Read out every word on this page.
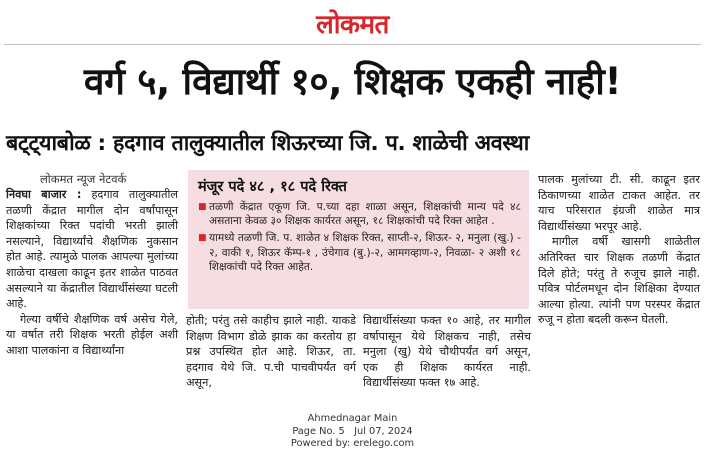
लोकमत
वर्ग ५, विद्यार्थी १०, शिक्षक एकही नाही!
बट्ट्याबोळ : हदगाव तालुक्यातील शिऊरच्या जि. प. शाळेची अवस्था
लोकमत न्यूज नेटवर्क

निवघा बाजार : हदगाव तालुक्यातील तळणी केंद्रात मागील दोन वर्षांपासून शिक्षकांच्या रिक्त पदांची भरती झाली नसल्याने, विद्यार्थ्यांचे शैक्षणिक नुकसान होत आहे. त्यामुळे पालक आपल्या मुलांच्या शाळेचा दाखला काढून इतर शाळेत पाठवत असल्याने या केंद्रातील विद्यार्थीसंख्या घटली आहे.

गेल्या वर्षीचे शैक्षणिक वर्ष असेच गेले, या वर्षात तरी शिक्षक भरती होईल अशी आशा पालकांना व विद्यार्थ्यांना

मंजूर पदे ४८ , १८ पदे रिक्त
■ तळणी केंद्रात एकूण जि. प.च्या दहा शाळा असून, शिक्षकांची मान्य पदे ४८ असताना केवळ ३० शिक्षक कार्यरत असून, १८ शिक्षकांची पदे रिक्त आहेत .
■ यामध्ये तळणी जि. प. शाळेत ४ शिक्षक रिक्त, साप्ती-२, शिऊर- २, मनुला (खु.) - २, वाकी १, शिऊर कॅम्प-१ , उंचेगाव (बु.)-२, आमगव्हाण-२, निवळा- २ अशी १८ शिक्षकांची पदे रिक्त आहेत.
होती; परंतु तसे काहीच झाले नाही. याकडे शिक्षण विभाग डोळे झाक का करतोय हा प्रश्न उपस्थित होत आहे. शिऊर, ता. हदगाव येथे जि. प.ची पाचवीपर्यंत वर्ग असून,
विद्यार्थीसंख्या फक्त १० आहे, तर मागील वर्षापासून येथे शिक्षकच नाही, तसेच मनुला (खु) येथे चौथीपर्यंत वर्ग असून, एक ही शिक्षक कार्यरत नाही. विद्यार्थीसंख्या फक्त १७ आहे.

पालक मुलांच्या टी. सी. काढून इतर ठिकाणच्या शाळेत टाकत आहेत. तर याच परिसरात इंग्रजी शाळेत मात्र विद्यार्थीसंख्या भरपूर आहे.

मागील वर्षी खासगी शाळेतील अतिरिक्त चार शिक्षक तळणी केंद्रात दिले होते; परंतु ते रुजूच झाले नाही. पवित्र पोर्टलमधून दोन शिक्षिका देण्यात आल्या होत्या. त्यांनी पण परस्पर केंद्रात रुजू न होता बदली करून घेतली.

Ahmednagar Main
Page No. 5   Jul 07, 2024
Powered by: erelego.com
